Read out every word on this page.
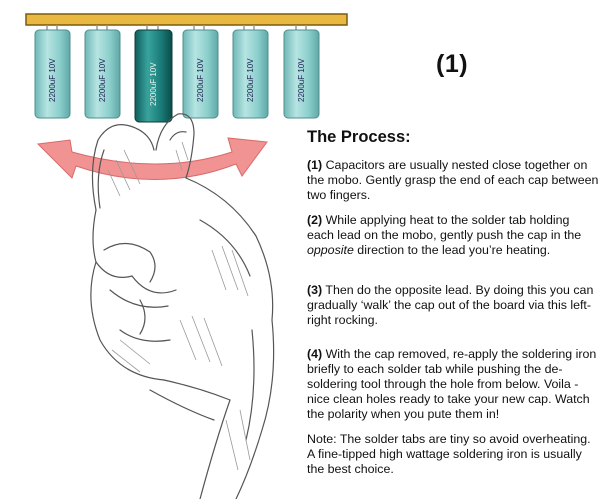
2200uF 10V	2200uF 10V	2200uF 10V	2200uF 10V	2200uF 10V	2200uF 10V	(1)
The Process:

(1) Capacitors are usually nested close together on the mobo. Gently grasp the end of each cap between two fingers.

(2) While applying heat to the solder tab holding each lead on the mobo, gently push the cap in the opposite direction to the lead you’re heating.

(3) Then do the opposite lead. By doing this you can gradually ‘walk’ the cap out of the board via this left-right rocking.

(4) With the cap removed, re-apply the soldering iron briefly to each solder tab while pushing the de-soldering tool through the hole from below. Voila - nice clean holes ready to take your new cap. Watch the polarity when you pute them in!

Note: The solder tabs are tiny so avoid overheating. A fine-tipped high wattage soldering iron is usually the best choice.
